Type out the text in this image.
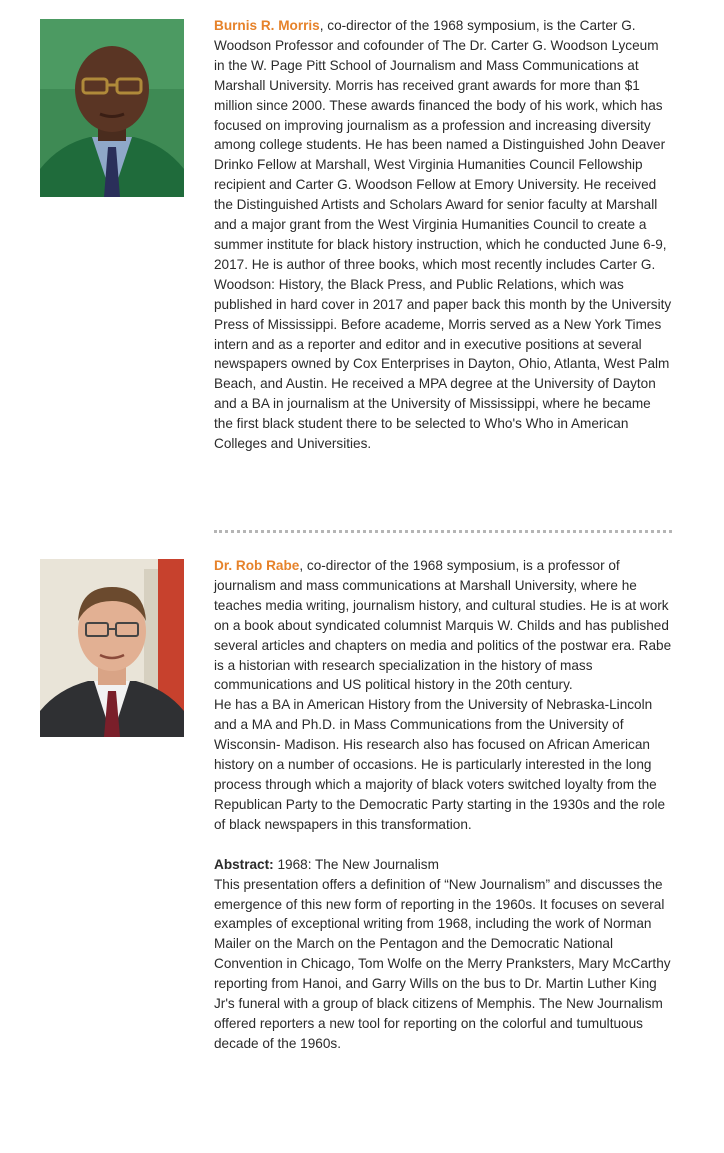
Burnis R. Morris, co-director of the 1968 symposium, is the Carter G. Woodson Professor and cofounder of The Dr. Carter G. Woodson Lyceum in the W. Page Pitt School of Journalism and Mass Communications at Marshall University. Morris has received grant awards for more than $1 million since 2000. These awards financed the body of his work, which has focused on improving journalism as a profession and increasing diversity among college students. He has been named a Distinguished John Deaver Drinko Fellow at Marshall, West Virginia Humanities Council Fellowship recipient and Carter G. Woodson Fellow at Emory University. He received the Distinguished Artists and Scholars Award for senior faculty at Marshall and a major grant from the West Virginia Humanities Council to create a summer institute for black history instruction, which he conducted June 6-9, 2017. He is author of three books, which most recently includes Carter G. Woodson: History, the Black Press, and Public Relations, which was published in hard cover in 2017 and paper back this month by the University Press of Mississippi. Before academe, Morris served as a New York Times intern and as a reporter and editor and in executive positions at several newspapers owned by Cox Enterprises in Dayton, Ohio, Atlanta, West Palm Beach, and Austin. He received a MPA degree at the University of Dayton and a BA in journalism at the University of Mississippi, where he became the first black student there to be selected to Who's Who in American Colleges and Universities.

Dr. Rob Rabe, co-director of the 1968 symposium, is a professor of journalism and mass communications at Marshall University, where he teaches media writing, journalism history, and cultural studies. He is at work on a book about syndicated columnist Marquis W. Childs and has published several articles and chapters on media and politics of the postwar era. Rabe is a historian with research specialization in the history of mass communications and US political history in the 20th century.

He has a BA in American History from the University of Nebraska-Lincoln and a MA and Ph.D. in Mass Communications from the University of Wisconsin- Madison. His research also has focused on African American history on a number of occasions. He is particularly interested in the long process through which a majority of black voters switched loyalty from the Republican Party to the Democratic Party starting in the 1930s and the role of black newspapers in this transformation.

Abstract: 1968: The New Journalism

This presentation offers a definition of “New Journalism” and discusses the emergence of this new form of reporting in the 1960s. It focuses on several examples of exceptional writing from 1968, including the work of Norman Mailer on the March on the Pentagon and the Democratic National Convention in Chicago, Tom Wolfe on the Merry Pranksters, Mary McCarthy reporting from Hanoi, and Garry Wills on the bus to Dr. Martin Luther King Jr's funeral with a group of black citizens of Memphis. The New Journalism offered reporters a new tool for reporting on the colorful and tumultuous decade of the 1960s.
